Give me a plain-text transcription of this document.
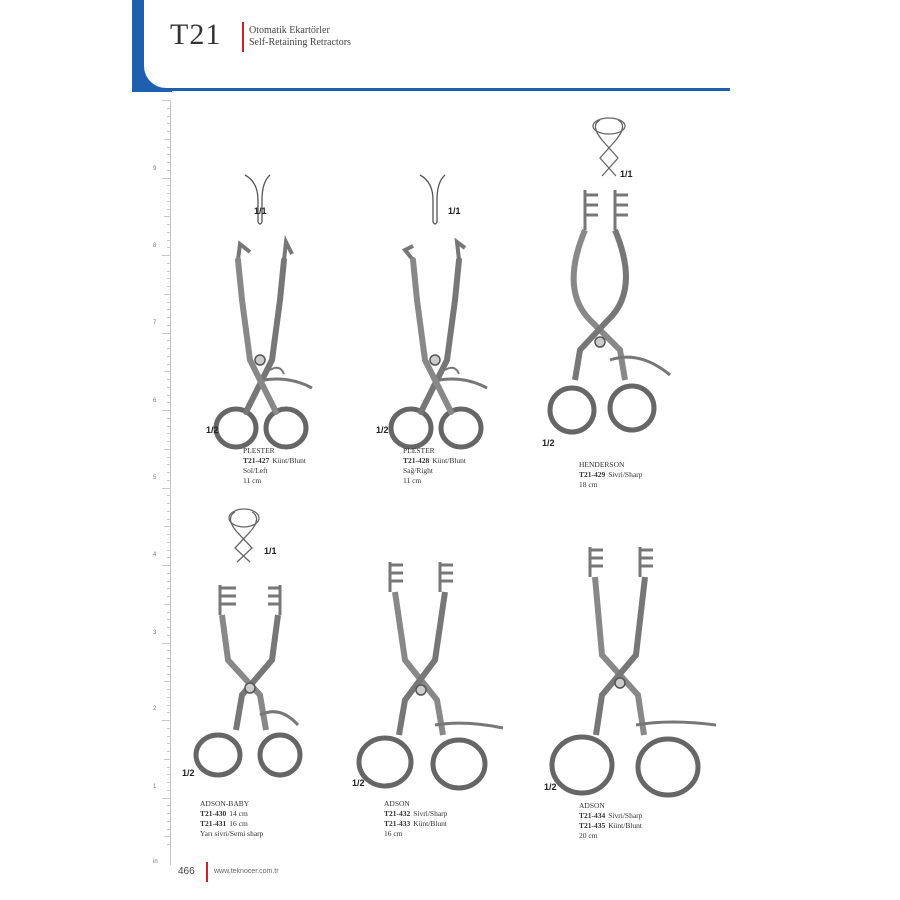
T21	Otomatik Ekartörler
Self-Retaining Retractors
9
8
7
6
5
4
3
2
1
in
1/1
1/2
PLESTER
T21-427 Künt/Blunt
Sol/Left
11 cm
1/1
1/2
PLESTER
T21-428 Künt/Blunt
Sağ/Right
11 cm
1/1
1/2
HENDERSON
T21-429 Sivri/Sharp
18 cm
1/1
1/2
ADSON-BABY
T21-430 14 cm
T21-431 16 cm
Yarı sivri/Semi sharp
1/2
ADSON
T21-432 Sivri/Sharp
T21-433 Künt/Blunt
16 cm
1/2
ADSON
T21-434 Sivri/Sharp
T21-435 Künt/Blunt
20 cm
466	www.teknocer.com.tr
